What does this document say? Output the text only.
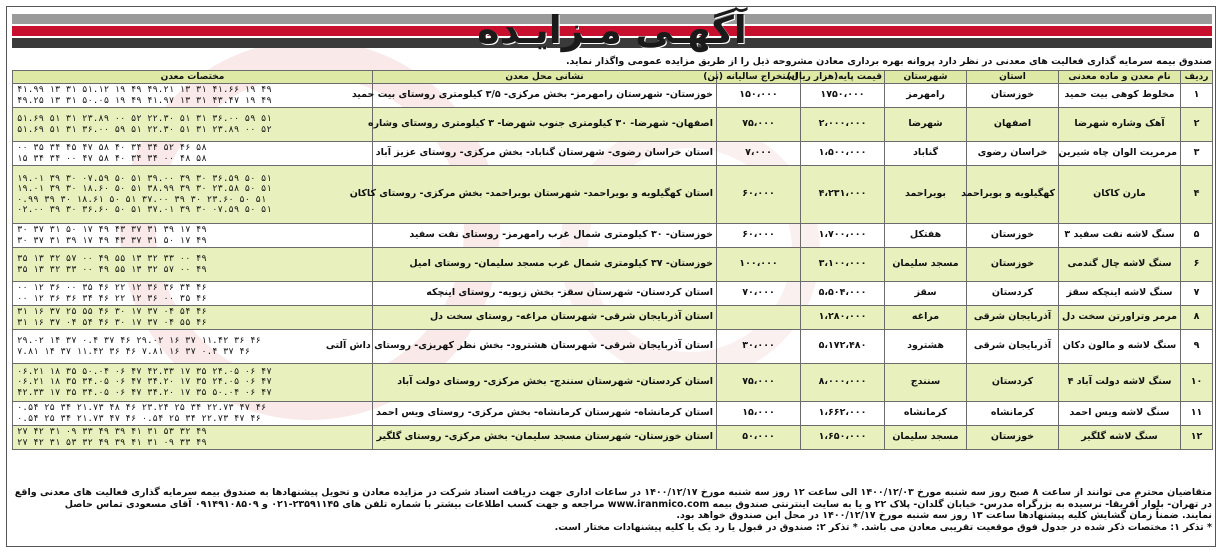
آگهـی مـزایـده
صندوق بیمه سرمایه گذاری فعالیت های معدنی در نظر دارد پروانه بهره برداری معادن مشروحه ذیل را از طریق مزایده عمومی واگذار نماید.
ردیف	نام معدن و ماده معدنی	استان	شهرستان	قیمت پایه(هزار ریال)	استخراج سالیانه (تن)	نشانی محل معدن	مختصات معدن
۱	مخلوط کوهی بیت حمید	خوزستان	رامهرمز	۱۷۵۰،۰۰۰	۱۵۰،۰۰۰	خوزستان- شهرستان رامهرمز- بخش مرکزی- ۳/۵ کیلومتری روستای بیت حمید	۴۹ ۱۹ ۴۱.۶۶ ۳۱ ۱۳ ۴۹.۲۱ ۴۹ ۱۹ ۵۱.۱۲ ۳۱ ۱۳ ۴۱.۹۹
۴۹ ۱۹ ۴۳.۴۷ ۳۱ ۱۳ ۴۱.۹۷ ۴۹ ۱۹ ۵۰.۰۵ ۳۱ ۱۳ ۴۹.۲۵

۲	آهک وشاره شهرضا	اصفهان	شهرضا	۲،۰۰۰،۰۰۰	۷۵،۰۰۰	اصفهان- شهرضا- ۳۰ کیلومتری جنوب شهرضا- ۳ کیلومتری روستای وشاره	۵۱ ۵۹ ۳۶.۰۰ ۳۱ ۵۱ ۲۲.۳۰ ۵۲ ۰۰ ۲۳.۸۹ ۳۱ ۵۱ ۵۱.۶۹
۵۲ ۰۰ ۲۳.۸۹ ۳۱ ۵۱ ۲۲.۳۰ ۵۱ ۵۹ ۳۶.۰۰ ۳۱ ۵۱ ۵۱.۶۹

۳	مرمریت الوان چاه شیرین	خراسان رضوی	گناباد	۱،۵۰۰،۰۰۰	۷،۰۰۰	استان خراسان رضوی- شهرستان گناباد- بخش مرکزی- روستای عزیز آباد	۵۸ ۴۶ ۵۲ ۳۴ ۳۴ ۴۰ ۵۸ ۴۷ ۴۵ ۳۴ ۳۵ ۰۰
۵۸ ۴۸ ۰۰ ۳۴ ۳۴ ۴۰ ۵۸ ۴۷ ۰۰ ۳۴ ۳۴ ۱۵

۴	مارن کاکان	کهگیلویه و بویراحمد	بویراحمد	۴،۲۳۱،۰۰۰	۶۰،۰۰۰	استان کهگیلویه و بویراحمد- شهرستان بویراحمد- بخش مرکزی- روستای کاکان	۵۱ ۵۰ ۳۶.۵۹ ۳۰ ۳۹ ۳۹.۰۰ ۵۱ ۵۰ ۰۷.۵۹ ۳۰ ۳۹ ۱۹.۰۱
۵۱ ۵۰ ۲۳.۵۸ ۳۰ ۳۹ ۳۸.۹۹ ۵۱ ۵۰ ۱۸.۶۰ ۳۰ ۳۹ ۱۹.۰۱
۵۱ ۵۰ ۲۳.۶۰ ۳۰ ۳۹ ۳۷.۰۰ ۵۱ ۵۰ ۱۸.۶۱ ۳۰ ۳۹ ۰.۹۹
۵۱ ۵۰ ۰۷.۵۹ ۳۰ ۳۹ ۳۷.۰۱ ۵۱ ۵۰ ۳۶.۶۰ ۳۰ ۳۹ ۰۲.۰۰

۵	سنگ لاشه نفت سفید ۳	خوزستان	هفتکل	۱،۷۰۰،۰۰۰	۶۰،۰۰۰	خوزستان- ۳۰ کیلومتری شمال غرب رامهرمز- روستای نفت سفید	۴۹ ۱۷ ۳۹ ۳۱ ۳۷ ۴۳ ۴۹ ۱۷ ۵۰ ۳۱ ۳۷ ۳۰
۴۹ ۱۷ ۵۰ ۳۱ ۳۷ ۴۳ ۴۹ ۱۷ ۳۹ ۳۱ ۳۷ ۳۰

۶	سنگ لاشه چال گندمی	خوزستان	مسجد سلیمان	۳،۱۰۰،۰۰۰	۱۰۰،۰۰۰	خوزستان- ۳۷ کیلومتری شمال غرب مسجد سلیمان- روستای امیل	۴۹ ۰۰ ۳۳ ۳۲ ۱۳ ۵۵ ۴۹ ۰۰ ۵۷ ۳۲ ۱۳ ۳۵
۴۹ ۰۰ ۵۷ ۳۲ ۱۳ ۵۵ ۴۹ ۰۰ ۳۳ ۳۲ ۱۳ ۳۵

۷	سنگ لاشه اینچکه سقز	کردستان	سقز	۵،۵۰۴،۰۰۰	۷۰،۰۰۰	استان کردستان- شهرستان سقز- بخش زیویه- روستای اینچکه	۴۶ ۳۴ ۳۶ ۳۶ ۱۲ ۲۲ ۴۶ ۳۵ ۰۰ ۳۶ ۱۲ ۰۰
۴۶ ۳۵ ۰۰ ۳۶ ۱۲ ۲۲ ۴۶ ۳۴ ۳۶ ۳۶ ۱۲ ۰۰

۸	مرمر وتراورتن سخت دل	آذربایجان شرقی	مراغه	۱،۲۸۰،۰۰۰		استان آذربایجان شرقی- شهرستان مراغه- روستای سخت دل	۴۶ ۵۴ ۰۴ ۳۷ ۱۷ ۳۰ ۴۶ ۵۵ ۲۵ ۳۷ ۱۶ ۳۱
۴۶ ۵۵ ۰۴ ۳۷ ۱۷ ۳۰ ۴۶ ۵۴ ۰۴ ۳۷ ۱۶ ۳۱

۹	سنگ لاشه و مالون دکان	آذربایجان شرقی	هشترود	۵،۱۷۲،۴۸۰	۳۰،۰۰۰	استان آذربایجان شرقی- شهرستان هشترود- بخش نظر کهریزی- روستای داش آلتی	۴۶ ۳۶ ۱۱.۴۲ ۳۷ ۱۶ ۲۹.۰۲ ۴۶ ۳۷ ۰.۴ ۳۷ ۱۴ ۲۹.۰۲
۴۶ ۳۷ ۰.۴ ۳۷ ۱۶ ۷.۸۱ ۴۶ ۳۶ ۱۱.۴۲ ۳۷ ۱۴ ۷.۸۱

۱۰	سنگ لاشه دولت آباد ۴	کردستان	سنندج	۸،۰۰۰،۰۰۰	۷۵،۰۰۰	استان کردستان- شهرستان سنندج- بخش مرکزی- روستای دولت آباد	۴۷ ۰۶ ۲۴.۰۵ ۳۵ ۱۷ ۴۲.۳۳ ۴۷ ۰۶ ۵۰.۰۴ ۳۵ ۱۸ ۰۶.۲۱
۴۷ ۰۶ ۲۴.۰۵ ۳۵ ۱۷ ۳۴.۲۰ ۴۷ ۰۶ ۳۴.۰۵ ۳۵ ۱۸ ۰۶.۲۱
۴۷ ۰۶ ۵۰.۰۴ ۳۵ ۱۷ ۳۴.۲۰ ۴۷ ۰۶ ۳۴.۰۵ ۳۵ ۱۷ ۴۲.۳۳

۱۱	سنگ لاشه ویس احمد	کرمانشاه	کرمانشاه	۱،۶۶۲،۰۰۰	۱۵،۰۰۰	استان کرمانشاه- شهرستان کرمانشاه- بخش مرکزی- روستای ویس احمد	۴۶ ۴۷ ۲۲.۷۳ ۳۴ ۲۵ ۲۳.۲۴ ۴۶ ۴۸ ۲۱.۷۳ ۳۴ ۲۵ ۰.۵۴
۴۶ ۴۷ ۲۲.۷۳ ۳۴ ۲۵ ۰.۵۴ ۴۶ ۴۷ ۲۱.۷۳ ۳۴ ۲۵ ۰.۵۴

۱۲	سنگ لاشه گلگیر	خوزستان	مسجد سلیمان	۱،۶۵۰،۰۰۰	۵۰،۰۰۰	استان خوزستان- شهرستان مسجد سلیمان- بخش مرکزی- روستای گلگیر	۴۹ ۳۲ ۵۳ ۳۱ ۴۱ ۳۹ ۴۹ ۳۳ ۰۹ ۳۱ ۴۲ ۲۷
۴۹ ۳۳ ۰۹ ۳۱ ۴۱ ۳۹ ۴۹ ۳۲ ۵۳ ۳۱ ۴۲ ۲۷
متقاضیان محترم می توانند از ساعت ۸ صبح روز سه شنبه مورخ ۱۴۰۰/۱۲/۰۳ الی ساعت ۱۲ روز سه شنبه مورخ ۱۴۰۰/۱۲/۱۷ در ساعات اداری جهت دریافت اسناد شرکت در مزایده معادن و تحویل پیشنهادها به صندوق بیمه سرمایه گذاری فعالیت های معدنی واقع
در تهران- بلوار آفریقا- نرسیده به بزرگراه مدرس- خیابان گلدان- پلاک ۲۲ و یا به سایت اینترنتی صندوق بیمه www.iranmico.com مراجعه و جهت کسب اطلاعات بیشتر با شماره تلفن های ۲۳۵۹۱۱۴۵-۰۲۱ و ۰۹۱۴۹۱۰۸۵۰۹ آقای مسعودی تماس حاصل
نمایند. ضمناً زمان گشایش کلیه پیشنهادها ساعت ۱۳ روز سه شنبه مورخ ۱۴۰۰/۱۲/۱۷ در محل این صندوق خواهد بود.
* تذکر ۱: مختصات ذکر شده در جدول فوق موقعیت تقریبی معادن می باشد. * تذکر ۲: صندوق در قبول یا رد یک یا کلیه پیشنهادات مختار است.
